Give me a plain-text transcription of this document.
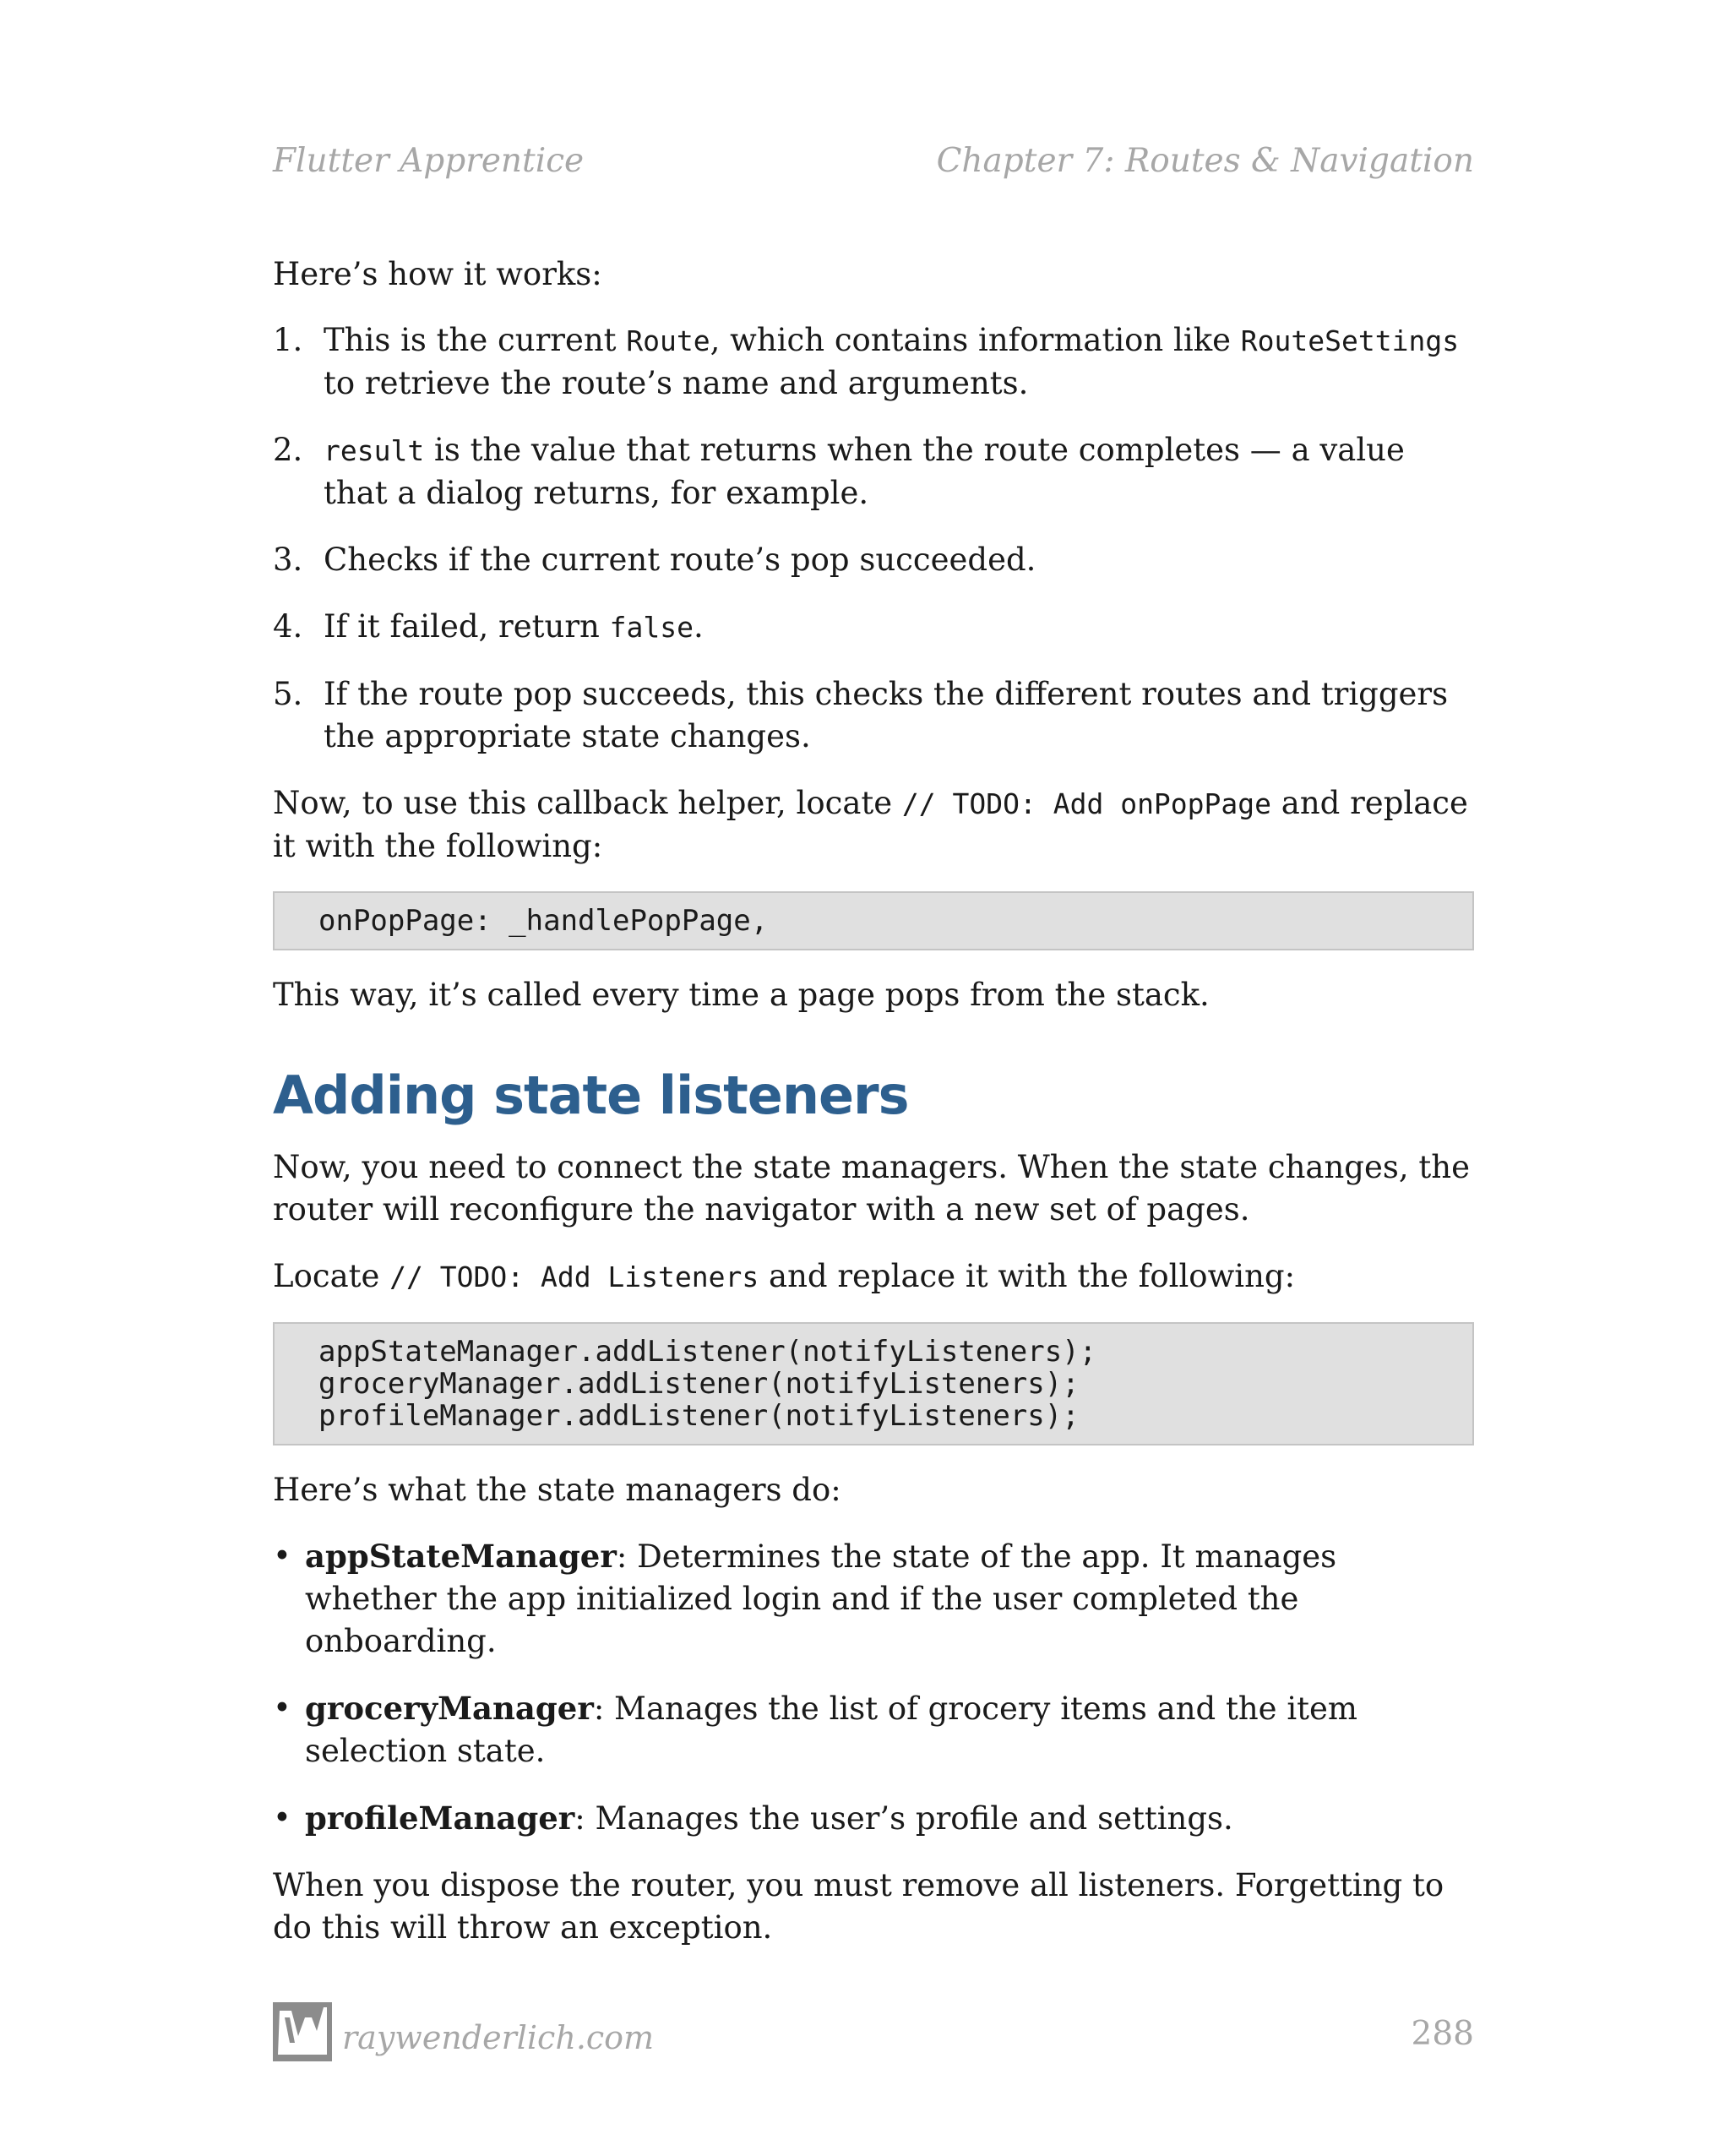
Flutter Apprentice	Chapter 7: Routes & Navigation

Here’s how it works:

1. This is the current Route, which contains information like RouteSettings to retrieve the route’s name and arguments.
2. result is the value that returns when the route completes — a value that a dialog returns, for example.
3. Checks if the current route’s pop succeeded.
4. If it failed, return false.
5. If the route pop succeeds, this checks the different routes and triggers the appropriate state changes.

Now, to use this callback helper, locate // TODO: Add onPopPage and replace it with the following:

onPopPage: _handlePopPage,

This way, it’s called every time a page pops from the stack.

Adding state listeners

Now, you need to connect the state managers. When the state changes, the router will reconfigure the navigator with a new set of pages.

Locate // TODO: Add Listeners and replace it with the following:

appStateManager.addListener(notifyListeners);
groceryManager.addListener(notifyListeners);
profileManager.addListener(notifyListeners);

Here’s what the state managers do:

• appStateManager: Determines the state of the app. It manages whether the app initialized login and if the user completed the onboarding.
• groceryManager: Manages the list of grocery items and the item selection state.
• profileManager: Manages the user’s profile and settings.

When you dispose the router, you must remove all listeners. Forgetting to do this will throw an exception.

raywenderlich.com	288
